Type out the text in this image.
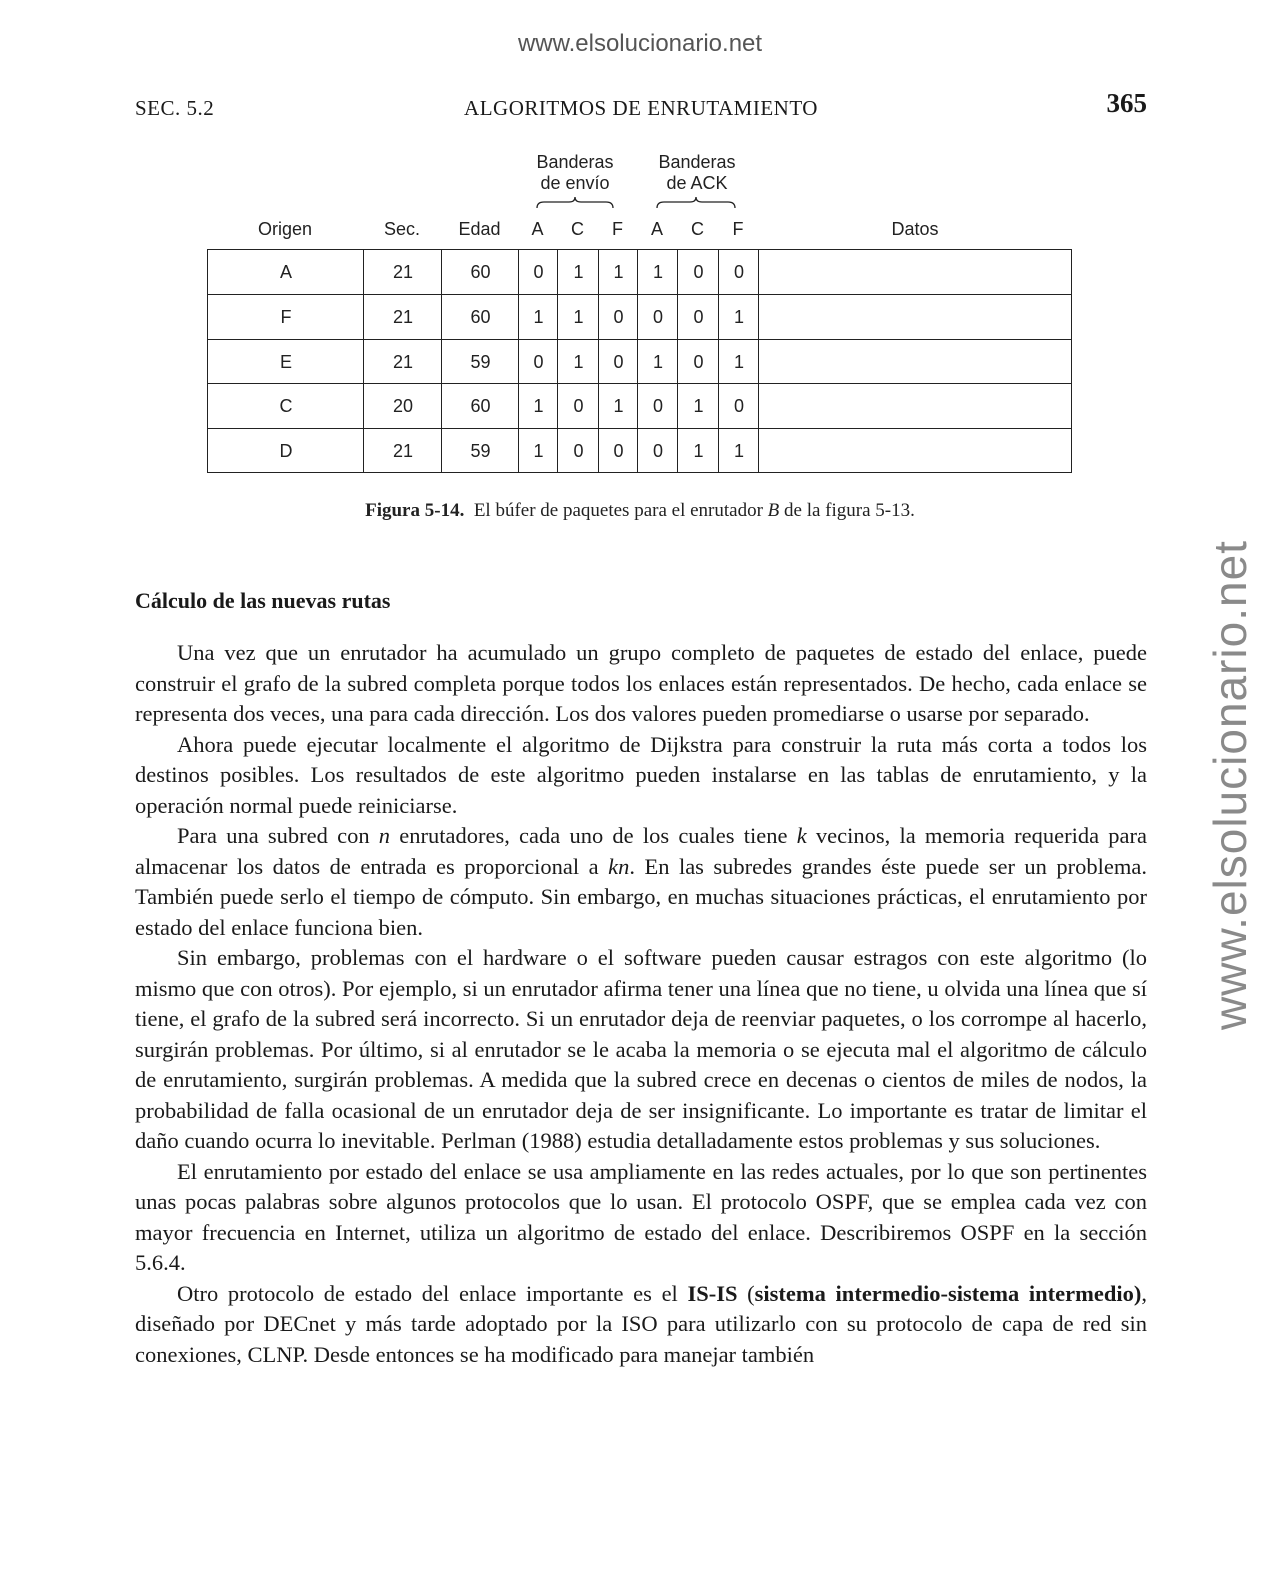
www.elsolucionario.net
www.elsolucionario.net
SEC. 5.2	ALGORITMOS DE ENRUTAMIENTO	365
Banderas
de envío
Banderas
de ACK
Origen	Sec.	Edad	A	C	F	A	C	F	Datos
A	21	60	0	1	1	1	0	0
F	21	60	1	1	0	0	0	1
E	21	59	0	1	0	1	0	1
C	20	60	1	0	1	0	1	0
D	21	59	1	0	0	0	1	1
Figura 5-14. El búfer de paquetes para el enrutador B de la figura 5-13.
Cálculo de las nuevas rutas

Una vez que un enrutador ha acumulado un grupo completo de paquetes de estado del enlace, puede construir el grafo de la subred completa porque todos los enlaces están representados. De hecho, cada enlace se representa dos veces, una para cada dirección. Los dos valores pueden promediarse o usarse por separado.

Ahora puede ejecutar localmente el algoritmo de Dijkstra para construir la ruta más corta a todos los destinos posibles. Los resultados de este algoritmo pueden instalarse en las tablas de enrutamiento, y la operación normal puede reiniciarse.

Para una subred con n enrutadores, cada uno de los cuales tiene k vecinos, la memoria requerida para almacenar los datos de entrada es proporcional a kn. En las subredes grandes éste puede ser un problema. También puede serlo el tiempo de cómputo. Sin embargo, en muchas situaciones prácticas, el enrutamiento por estado del enlace funciona bien.

Sin embargo, problemas con el hardware o el software pueden causar estragos con este algoritmo (lo mismo que con otros). Por ejemplo, si un enrutador afirma tener una línea que no tiene, u olvida una línea que sí tiene, el grafo de la subred será incorrecto. Si un enrutador deja de reenviar paquetes, o los corrompe al hacerlo, surgirán problemas. Por último, si al enrutador se le acaba la memoria o se ejecuta mal el algoritmo de cálculo de enrutamiento, surgirán problemas. A medida que la subred crece en decenas o cientos de miles de nodos, la probabilidad de falla ocasional de un enrutador deja de ser insignificante. Lo importante es tratar de limitar el daño cuando ocurra lo inevitable. Perlman (1988) estudia detalladamente estos problemas y sus soluciones.

El enrutamiento por estado del enlace se usa ampliamente en las redes actuales, por lo que son pertinentes unas pocas palabras sobre algunos protocolos que lo usan. El protocolo OSPF, que se emplea cada vez con mayor frecuencia en Internet, utiliza un algoritmo de estado del enlace. Describiremos OSPF en la sección 5.6.4.

Otro protocolo de estado del enlace importante es el IS-IS (sistema intermedio-sistema intermedio), diseñado por DECnet y más tarde adoptado por la ISO para utilizarlo con su protocolo de capa de red sin conexiones, CLNP. Desde entonces se ha modificado para manejar también
